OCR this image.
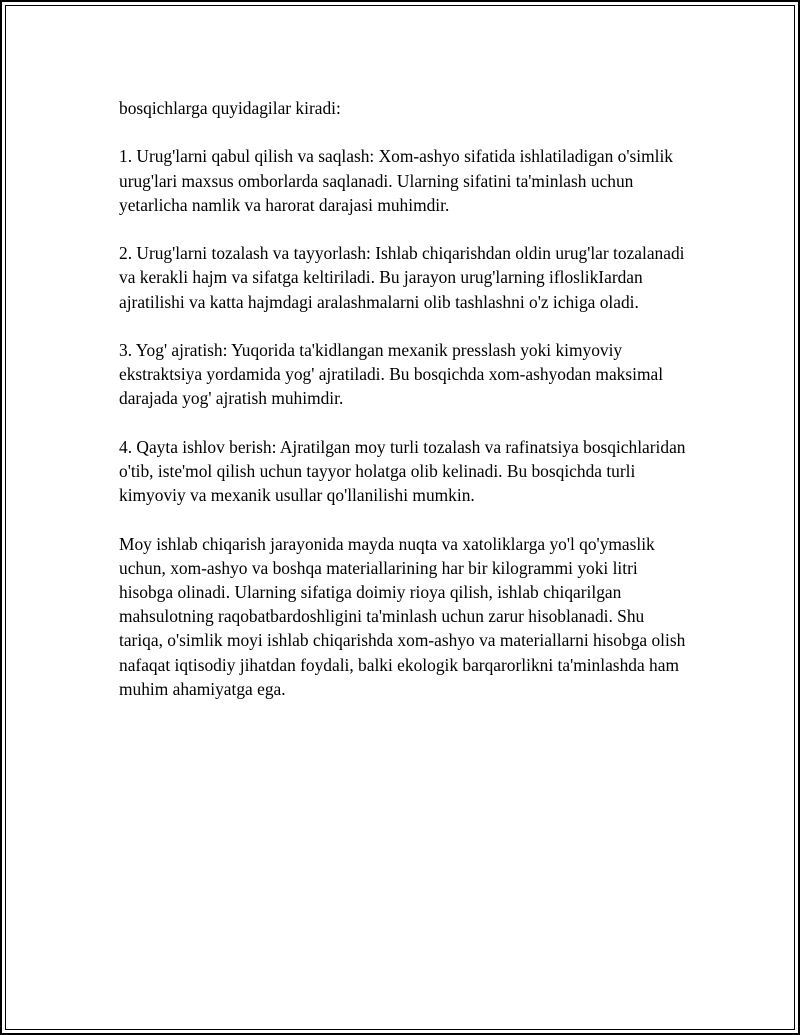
bosqichlarga quyidagilar kiradi:

1. Urug'larni qabul qilish va saqlash: Xom-ashyo sifatida ishlatiladigan o'simlik urug'lari maxsus omborlarda saqlanadi. Ularning sifatini ta'minlash uchun yetarlicha namlik va harorat darajasi muhimdir.

2. Urug'larni tozalash va tayyorlash: Ishlab chiqarishdan oldin urug'lar tozalanadi va kerakli hajm va sifatga keltiriladi. Bu jarayon urug'larning ifloslikIardan ajratilishi va katta hajmdagi aralashmalarni olib tashlashni o'z ichiga oladi.

3. Yog' ajratish: Yuqorida ta'kidlangan mexanik presslash yoki kimyoviy ekstraktsiya yordamida yog' ajratiladi. Bu bosqichda xom-ashyodan maksimal darajada yog' ajratish muhimdir.

4. Qayta ishlov berish: Ajratilgan moy turli tozalash va rafinatsiya bosqichlaridan o'tib, iste'mol qilish uchun tayyor holatga olib kelinadi. Bu bosqichda turli kimyoviy va mexanik usullar qo'llanilishi mumkin.

Moy ishlab chiqarish jarayonida mayda nuqta va xatoliklarga yo'l qo'ymaslik uchun, xom-ashyo va boshqa materiallarining har bir kilogrammi yoki litri hisobga olinadi. Ularning sifatiga doimiy rioya qilish, ishlab chiqarilgan mahsulotning raqobatbardoshligini ta'minlash uchun zarur hisoblanadi. Shu tariqa, o'simlik moyi ishlab chiqarishda xom-ashyo va materiallarni hisobga olish nafaqat iqtisodiy jihatdan foydali, balki ekologik barqarorlikni ta'minlashda ham muhim ahamiyatga ega.
